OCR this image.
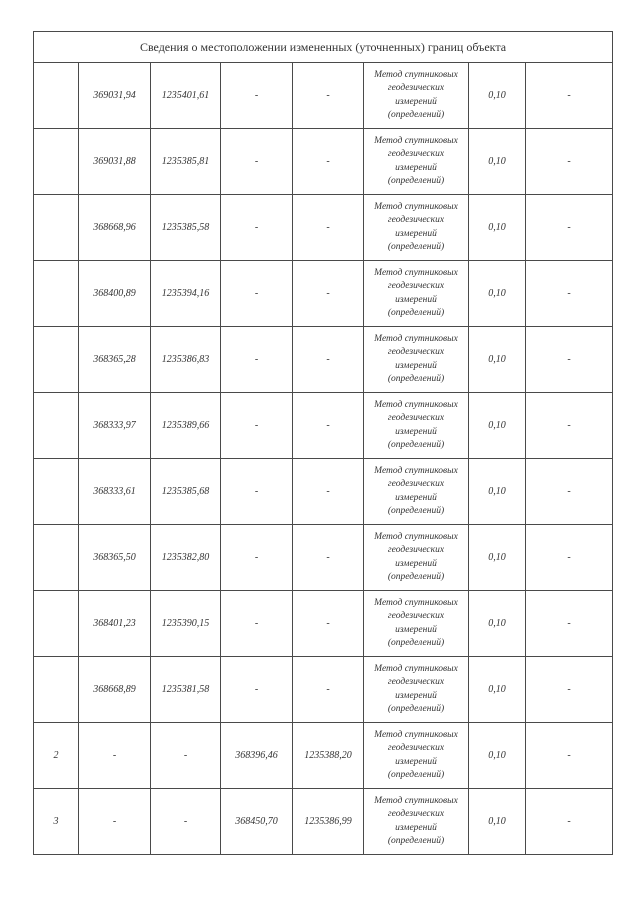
Сведения о местоположении измененных (уточненных) границ объекта							
	369031,94	1235401,61	-	-	Метод спутниковых
геодезических
измерений
(определений)	0,10	-
	369031,88	1235385,81	-	-	Метод спутниковых
геодезических
измерений
(определений)	0,10	-
	368668,96	1235385,58	-	-	Метод спутниковых
геодезических
измерений
(определений)	0,10	-
	368400,89	1235394,16	-	-	Метод спутниковых
геодезических
измерений
(определений)	0,10	-
	368365,28	1235386,83	-	-	Метод спутниковых
геодезических
измерений
(определений)	0,10	-
	368333,97	1235389,66	-	-	Метод спутниковых
геодезических
измерений
(определений)	0,10	-
	368333,61	1235385,68	-	-	Метод спутниковых
геодезических
измерений
(определений)	0,10	-
	368365,50	1235382,80	-	-	Метод спутниковых
геодезических
измерений
(определений)	0,10	-
	368401,23	1235390,15	-	-	Метод спутниковых
геодезических
измерений
(определений)	0,10	-
	368668,89	1235381,58	-	-	Метод спутниковых
геодезических
измерений
(определений)	0,10	-
2	-	-	368396,46	1235388,20	Метод спутниковых
геодезических
измерений
(определений)	0,10	-
3	-	-	368450,70	1235386,99	Метод спутниковых
геодезических
измерений
(определений)	0,10	-
